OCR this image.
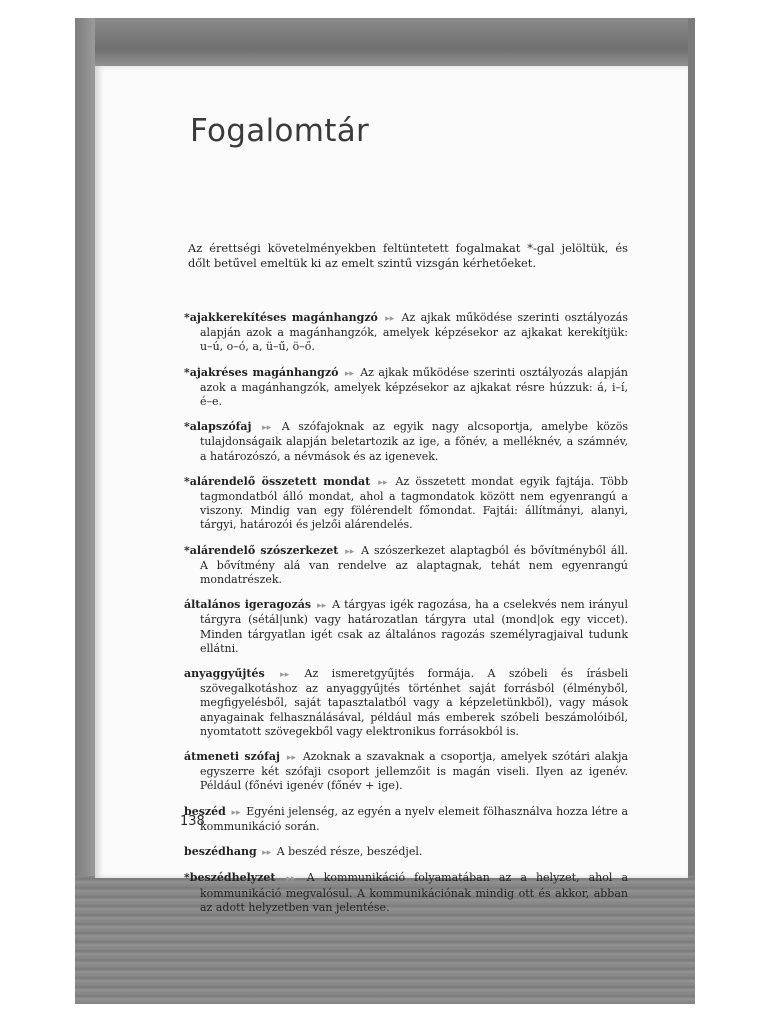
Fogalomtár
Az érettségi követelményekben feltüntetett fogalmakat *-gal jelöltük, és dőlt betűvel emeltük ki az emelt szintű vizsgán kérhetőeket.

*ajakkerekítéses magánhangzó ▸▸ Az ajkak működése szerinti osztályozás alapján azok a magánhangzók, amelyek képzésekor az ajkakat kerekítjük: u–ú, o–ó, a, ü–ű, ö–ő.

*ajakréses magánhangzó ▸▸ Az ajkak működése szerinti osztályozás alapján azok a magánhangzók, amelyek képzésekor az ajkakat résre húzzuk: á, i–í, é–e.

*alapszófaj ▸▸ A szófajoknak az egyik nagy alcsoportja, amelybe közös tulajdonságaik alapján beletartozik az ige, a főnév, a melléknév, a számnév, a határozószó, a névmások és az igenevek.

*alárendelő összetett mondat ▸▸ Az összetett mondat egyik fajtája. Több tagmondatból álló mondat, ahol a tagmondatok között nem egyenrangú a viszony. Mindig van egy fölérendelt főmondat. Fajtái: állítmányi, alanyi, tárgyi, határozói és jelzői alárendelés.

*alárendelő szószerkezet ▸▸ A szószerkezet alaptagból és bővítményből áll. A bővítmény alá van rendelve az alaptagnak, tehát nem egyenrangú mondatrészek.

általános igeragozás ▸▸ A tárgyas igék ragozása, ha a cselekvés nem irányul tárgyra (sétál|unk) vagy határozatlan tárgyra utal (mond|ok egy viccet). Minden tárgyatlan igét csak az általános ragozás személyragjaival tudunk ellátni.

anyaggyűjtés ▸▸ Az ismeretgyűjtés formája. A szóbeli és írásbeli szövegalkotáshoz az anyaggyűjtés történhet saját forrásból (élményből, megfigyelésből, saját tapasztalatból vagy a képzeletünkből), vagy mások anyagainak felhasználásával, például más emberek szóbeli beszámolóiból, nyomtatott szövegekből vagy elektronikus forrásokból is.

átmeneti szófaj ▸▸ Azoknak a szavaknak a csoportja, amelyek szótári alakja egyszerre két szófaji csoport jellemzőit is magán viseli. Ilyen az igenév. Például (főnévi igenév (főnév + ige).

beszéd ▸▸ Egyéni jelenség, az egyén a nyelv elemeit fölhasználva hozza létre a kommunikáció során.

beszédhang ▸▸ A beszéd része, beszédjel.

*beszédhelyzet ▸▸ A kommunikáció folyamatában az a helyzet, ahol a kommunikáció megvalósul. A kommunikációnak mindig ott és akkor, abban az adott helyzetben van jelentése.

138
